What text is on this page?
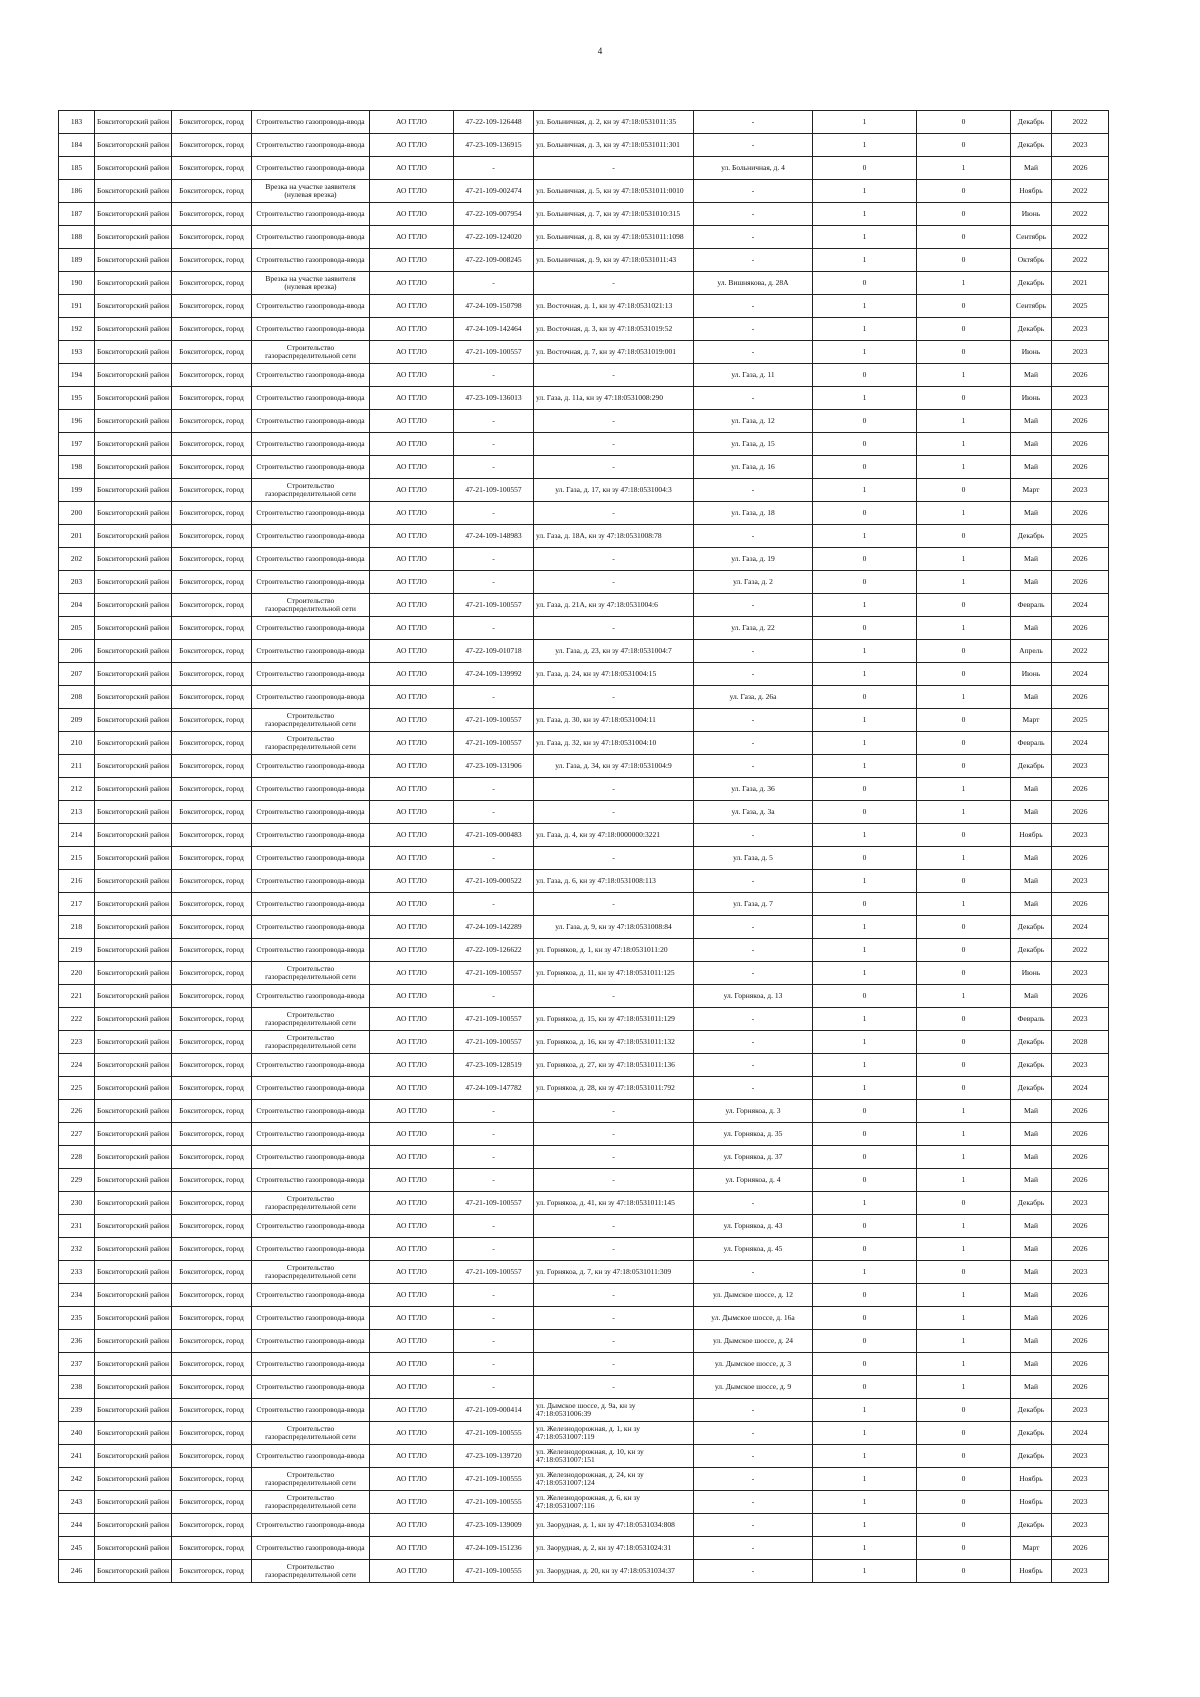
4
183	Бокситогорский район	Бокситогорск, город	Строительство газопровода-ввода	АО ГГЛО	47-22-109-126448	ул. Больничная, д. 2, кн зу 47:18:0531011:35	-	1	0	Декабрь	2022
184	Бокситогорский район	Бокситогорск, город	Строительство газопровода-ввода	АО ГГЛО	47-23-109-136915	ул. Больничная, д. 3, кн зу 47:18:0531011:301	-	1	0	Декабрь	2023
185	Бокситогорский район	Бокситогорск, город	Строительство газопровода-ввода	АО ГГЛО	-	-	ул. Больничная, д. 4	0	1	Май	2026
186	Бокситогорский район	Бокситогорск, город	Врезка на участке заявителя (нулевая врезка)	АО ГГЛО	47-21-109-002474	ул. Больничная, д. 5, кн зу 47:18:0531011:0010	-	1	0	Ноябрь	2022
187	Бокситогорский район	Бокситогорск, город	Строительство газопровода-ввода	АО ГГЛО	47-22-109-007954	ул. Больничная, д. 7, кн зу 47:18:0531010:315	-	1	0	Июнь	2022
188	Бокситогорский район	Бокситогорск, город	Строительство газопровода-ввода	АО ГГЛО	47-22-109-124020	ул. Больничная, д. 8, кн зу 47:18:0531011:1098	-	1	0	Сентябрь	2022
189	Бокситогорский район	Бокситогорск, город	Строительство газопровода-ввода	АО ГГЛО	47-22-109-008245	ул. Больничная, д. 9, кн зу 47:18:0531011:43	-	1	0	Октябрь	2022
190	Бокситогорский район	Бокситогорск, город	Врезка на участке заявителя (нулевая врезка)	АО ГГЛО	-	-	ул. Вишнякова, д. 28А	0	1	Декабрь	2021
191	Бокситогорский район	Бокситогорск, город	Строительство газопровода-ввода	АО ГГЛО	47-24-109-150798	ул. Восточная, д. 1, кн зу 47:18:0531021:13	-	1	0	Сентябрь	2025
192	Бокситогорский район	Бокситогорск, город	Строительство газопровода-ввода	АО ГГЛО	47-24-109-142464	ул. Восточная, д. 3, кн зу 47:18:0531019:52	-	1	0	Декабрь	2023
193	Бокситогорский район	Бокситогорск, город	Строительство газораспределительной сети	АО ГГЛО	47-21-109-100557	ул. Восточная, д. 7, кн зу 47:18:0531019:001	-	1	0	Июнь	2023
194	Бокситогорский район	Бокситогорск, город	Строительство газопровода-ввода	АО ГГЛО	-	-	ул. Газа, д. 11	0	1	Май	2026
195	Бокситогорский район	Бокситогорск, город	Строительство газопровода-ввода	АО ГГЛО	47-23-109-136013	ул. Газа, д. 11а, кн зу 47:18:0531008:290	-	1	0	Июнь	2023
196	Бокситогорский район	Бокситогорск, город	Строительство газопровода-ввода	АО ГГЛО	-	-	ул. Газа, д. 12	0	1	Май	2026
197	Бокситогорский район	Бокситогорск, город	Строительство газопровода-ввода	АО ГГЛО	-	-	ул. Газа, д. 15	0	1	Май	2026
198	Бокситогорский район	Бокситогорск, город	Строительство газопровода-ввода	АО ГГЛО	-	-	ул. Газа, д. 16	0	1	Май	2026
199	Бокситогорский район	Бокситогорск, город	Строительство газораспределительной сети	АО ГГЛО	47-21-109-100557	ул. Газа, д. 17, кн зу 47:18:0531004:3	-	1	0	Март	2023
200	Бокситогорский район	Бокситогорск, город	Строительство газопровода-ввода	АО ГГЛО	-	-	ул. Газа, д. 18	0	1	Май	2026
201	Бокситогорский район	Бокситогорск, город	Строительство газопровода-ввода	АО ГГЛО	47-24-109-148983	ул. Газа, д. 18А, кн зу 47:18:0531008:78	-	1	0	Декабрь	2025
202	Бокситогорский район	Бокситогорск, город	Строительство газопровода-ввода	АО ГГЛО	-	-	ул. Газа, д. 19	0	1	Май	2026
203	Бокситогорский район	Бокситогорск, город	Строительство газопровода-ввода	АО ГГЛО	-	-	ул. Газа, д. 2	0	1	Май	2026
204	Бокситогорский район	Бокситогорск, город	Строительство газораспределительной сети	АО ГГЛО	47-21-109-100557	ул. Газа, д. 21А, кн зу 47:18:0531004:6	-	1	0	Февраль	2024
205	Бокситогорский район	Бокситогорск, город	Строительство газопровода-ввода	АО ГГЛО	-	-	ул. Газа, д. 22	0	1	Май	2026
206	Бокситогорский район	Бокситогорск, город	Строительство газопровода-ввода	АО ГГЛО	47-22-109-010718	ул. Газа, д. 23, кн зу 47:18:0531004:7	-	1	0	Апрель	2022
207	Бокситогорский район	Бокситогорск, город	Строительство газопровода-ввода	АО ГГЛО	47-24-109-139992	ул. Газа, д. 24, кн зу 47:18:0531004:15	-	1	0	Июнь	2024
208	Бокситогорский район	Бокситогорск, город	Строительство газопровода-ввода	АО ГГЛО	-	-	ул. Газа, д. 26а	0	1	Май	2026
209	Бокситогорский район	Бокситогорск, город	Строительство газораспределительной сети	АО ГГЛО	47-21-109-100557	ул. Газа, д. 30, кн зу 47:18:0531004:11	-	1	0	Март	2025
210	Бокситогорский район	Бокситогорск, город	Строительство газораспределительной сети	АО ГГЛО	47-21-109-100557	ул. Газа, д. 32, кн зу 47:18:0531004:10	-	1	0	Февраль	2024
211	Бокситогорский район	Бокситогорск, город	Строительство газопровода-ввода	АО ГГЛО	47-23-109-131906	ул. Газа, д. 34, кн зу 47:18:0531004:9	-	1	0	Декабрь	2023
212	Бокситогорский район	Бокситогорск, город	Строительство газопровода-ввода	АО ГГЛО	-	-	ул. Газа, д. 36	0	1	Май	2026
213	Бокситогорский район	Бокситогорск, город	Строительство газопровода-ввода	АО ГГЛО	-	-	ул. Газа, д. 3а	0	1	Май	2026
214	Бокситогорский район	Бокситогорск, город	Строительство газопровода-ввода	АО ГГЛО	47-21-109-000483	ул. Газа, д. 4, кн зу 47:18:0000000:3221	-	1	0	Ноябрь	2023
215	Бокситогорский район	Бокситогорск, город	Строительство газопровода-ввода	АО ГГЛО	-	-	ул. Газа, д. 5	0	1	Май	2026
216	Бокситогорский район	Бокситогорск, город	Строительство газопровода-ввода	АО ГГЛО	47-21-109-000522	ул. Газа, д. 6, кн зу 47:18:0531008:113	-	1	0	Май	2023
217	Бокситогорский район	Бокситогорск, город	Строительство газопровода-ввода	АО ГГЛО	-	-	ул. Газа, д. 7	0	1	Май	2026
218	Бокситогорский район	Бокситогорск, город	Строительство газопровода-ввода	АО ГГЛО	47-24-109-142289	ул. Газа, д. 9, кн зу 47:18:0531008:84	-	1	0	Декабрь	2024
219	Бокситогорский район	Бокситогорск, город	Строительство газопровода-ввода	АО ГГЛО	47-22-109-126622	ул. Горняков, д. 1, кн зу 47:18:0531011:20	-	1	0	Декабрь	2022
220	Бокситогорский район	Бокситогорск, город	Строительство газораспределительной сети	АО ГГЛО	47-21-109-100557	ул. Горнякоа, д. 11, кн зу 47:18:0531011:125	-	1	0	Июнь	2023
221	Бокситогорский район	Бокситогорск, город	Строительство газопровода-ввода	АО ГГЛО	-	-	ул. Горнякоа, д. 13	0	1	Май	2026
222	Бокситогорский район	Бокситогорск, город	Строительство газораспределительной сети	АО ГГЛО	47-21-109-100557	ул. Горнякоа, д. 15, кн зу 47:18:0531011:129	-	1	0	Февраль	2023
223	Бокситогорский район	Бокситогорск, город	Строительство газораспределительной сети	АО ГГЛО	47-21-109-100557	ул. Горнякоа, д. 16, кн зу 47:18:0531011:132	-	1	0	Декабрь	2028
224	Бокситогорский район	Бокситогорск, город	Строительство газопровода-ввода	АО ГГЛО	47-23-109-128519	ул. Горнякоа, д. 27, кн зу 47:18:0531011:136	-	1	0	Декабрь	2023
225	Бокситогорский район	Бокситогорск, город	Строительство газопровода-ввода	АО ГГЛО	47-24-109-147782	ул. Горнякоа, д. 28, кн зу 47:18:0531011:792	-	1	0	Декабрь	2024
226	Бокситогорский район	Бокситогорск, город	Строительство газопровода-ввода	АО ГГЛО	-	-	ул. Горнякоа, д. 3	0	1	Май	2026
227	Бокситогорский район	Бокситогорск, город	Строительство газопровода-ввода	АО ГГЛО	-	-	ул. Горнякоа, д. 35	0	1	Май	2026
228	Бокситогорский район	Бокситогорск, город	Строительство газопровода-ввода	АО ГГЛО	-	-	ул. Горнякоа, д. 37	0	1	Май	2026
229	Бокситогорский район	Бокситогорск, город	Строительство газопровода-ввода	АО ГГЛО	-	-	ул. Горнякоа, д. 4	0	1	Май	2026
230	Бокситогорский район	Бокситогорск, город	Строительство газораспределительной сети	АО ГГЛО	47-21-109-100557	ул. Горнякоа, д. 41, кн зу 47:18:0531011:145	-	1	0	Декабрь	2023
231	Бокситогорский район	Бокситогорск, город	Строительство газопровода-ввода	АО ГГЛО	-	-	ул. Горнякоа, д. 43	0	1	Май	2026
232	Бокситогорский район	Бокситогорск, город	Строительство газопровода-ввода	АО ГГЛО	-	-	ул. Горнякоа, д. 45	0	1	Май	2026
233	Бокситогорский район	Бокситогорск, город	Строительство газораспределительной сети	АО ГГЛО	47-21-109-100557	ул. Горнякоа, д. 7, кн зу 47:18:0531011:309	-	1	0	Май	2023
234	Бокситогорский район	Бокситогорск, город	Строительство газопровода-ввода	АО ГГЛО	-	-	ул. Дымское шоссе, д. 12	0	1	Май	2026
235	Бокситогорский район	Бокситогорск, город	Строительство газопровода-ввода	АО ГГЛО	-	-	ул. Дымское шоссе, д. 16а	0	1	Май	2026
236	Бокситогорский район	Бокситогорск, город	Строительство газопровода-ввода	АО ГГЛО	-	-	ул. Дымское шоссе, д. 24	0	1	Май	2026
237	Бокситогорский район	Бокситогорск, город	Строительство газопровода-ввода	АО ГГЛО	-	-	ул. Дымское шоссе, д. 3	0	1	Май	2026
238	Бокситогорский район	Бокситогорск, город	Строительство газопровода-ввода	АО ГГЛО	-	-	ул. Дымское шоссе, д. 9	0	1	Май	2026
239	Бокситогорский район	Бокситогорск, город	Строительство газопровода-ввода	АО ГГЛО	47-21-109-000414	ул. Дымское шоссе, д. 9а, кн зу 47:18:0531006:39	-	1	0	Декабрь	2023
240	Бокситогорский район	Бокситогорск, город	Строительство газораспределительной сети	АО ГГЛО	47-21-109-100555	ул. Железнодорожная, д. 1, кн зу 47:18:0531007:119	-	1	0	Декабрь	2024
241	Бокситогорский район	Бокситогорск, город	Строительство газопровода-ввода	АО ГГЛО	47-23-109-139720	ул. Железнодорожная, д. 10, кн зу 47:18:0531007:151	-	1	0	Декабрь	2023
242	Бокситогорский район	Бокситогорск, город	Строительство газораспределительной сети	АО ГГЛО	47-21-109-100555	ул. Железнодорожная, д. 24, кн зу 47:18:0531007:124	-	1	0	Ноябрь	2023
243	Бокситогорский район	Бокситогорск, город	Строительство газораспределительной сети	АО ГГЛО	47-21-109-100555	ул. Железнодорожная, д. 6, кн зу 47:18:0531007:116	-	1	0	Ноябрь	2023
244	Бокситогорский район	Бокситогорск, город	Строительство газопровода-ввода	АО ГГЛО	47-23-109-139009	ул. Заорудная, д. 1, кн зу 47:18:0531034:808	-	1	0	Декабрь	2023
245	Бокситогорский район	Бокситогорск, город	Строительство газопровода-ввода	АО ГГЛО	47-24-109-151236	ул. Заорудная, д. 2, кн зу 47:18:0531024:31	-	1	0	Март	2026
246	Бокситогорский район	Бокситогорск, город	Строительство газораспределительной сети	АО ГГЛО	47-21-109-100555	ул. Заорудная, д. 20, кн зу 47:18:0531034:37	-	1	0	Ноябрь	2023
